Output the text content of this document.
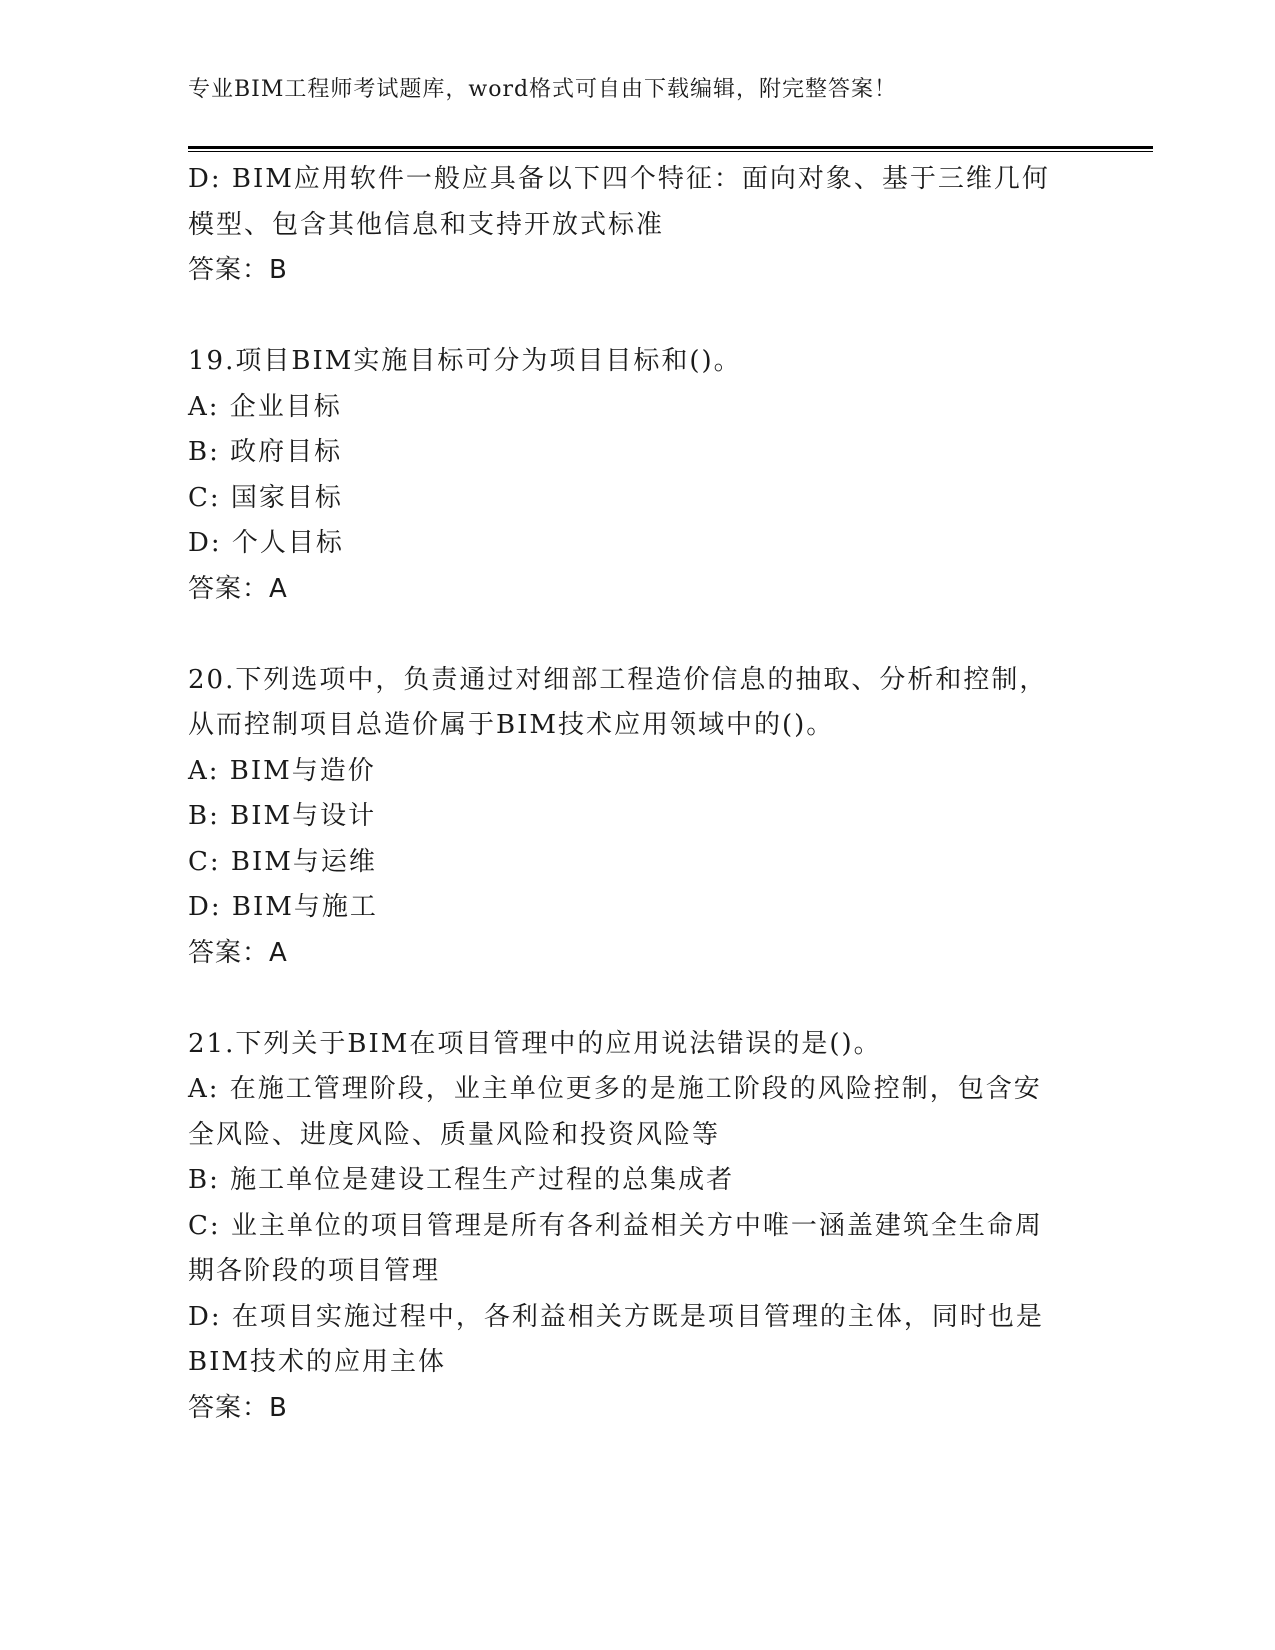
专业BIM工程师考试题库，word格式可自由下载编辑，附完整答案！
D: BIM应用软件一般应具备以下四个特征：面向对象、基于三维几何
模型、包含其他信息和支持开放式标准
答案：B
19.项目BIM实施目标可分为项目目标和()。
A: 企业目标
B: 政府目标
C: 国家目标
D: 个人目标
答案：A
20.下列选项中，负责通过对细部工程造价信息的抽取、分析和控制，
从而控制项目总造价属于BIM技术应用领域中的()。
A: BIM与造价
B: BIM与设计
C: BIM与运维
D: BIM与施工
答案：A
21.下列关于BIM在项目管理中的应用说法错误的是()。
A: 在施工管理阶段，业主单位更多的是施工阶段的风险控制，包含安
全风险、进度风险、质量风险和投资风险等
B: 施工单位是建设工程生产过程的总集成者
C: 业主单位的项目管理是所有各利益相关方中唯一涵盖建筑全生命周
期各阶段的项目管理
D: 在项目实施过程中，各利益相关方既是项目管理的主体，同时也是
BIM技术的应用主体
答案：B
